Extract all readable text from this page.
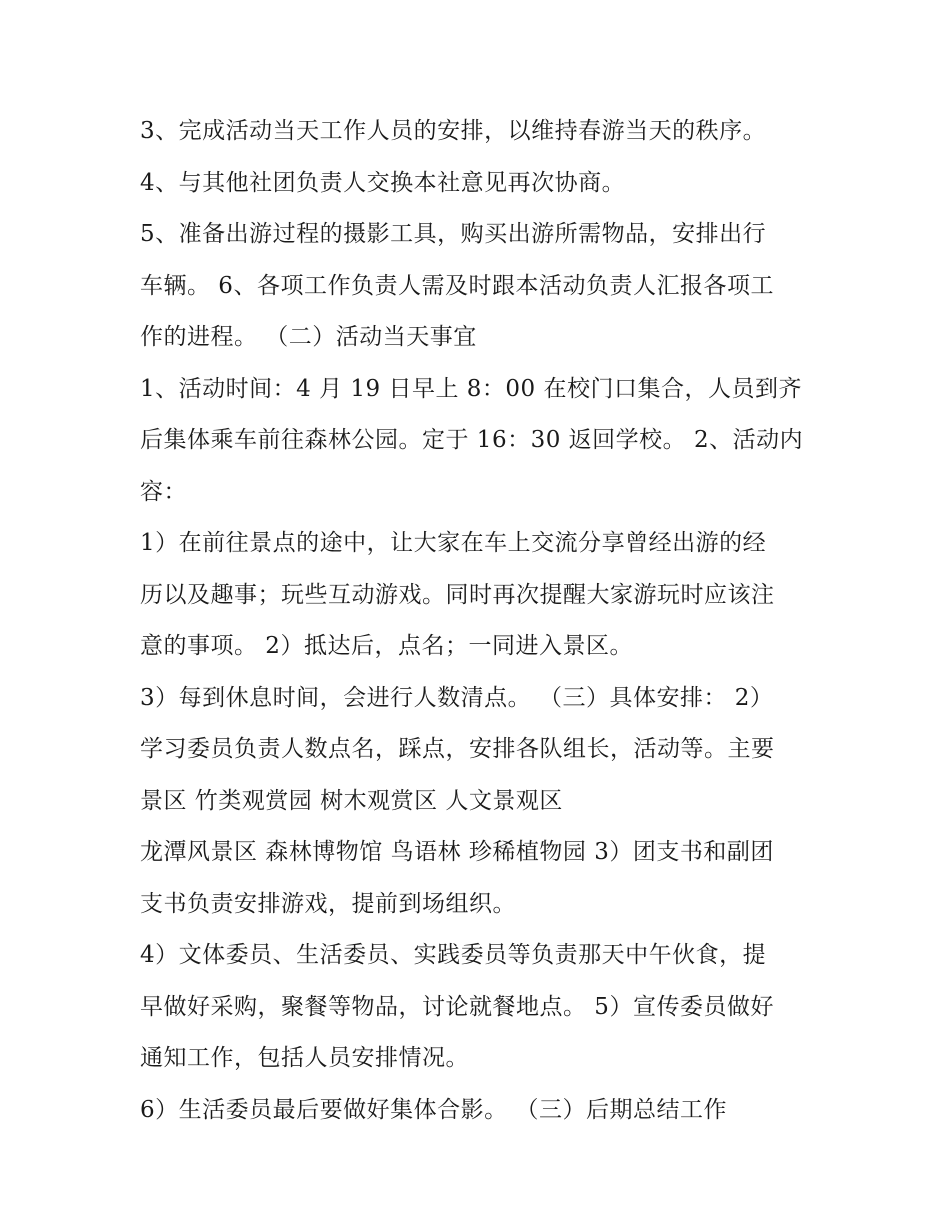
3、完成活动当天工作人员的安排，以维持春游当天的秩序。
4、与其他社团负责人交换本社意见再次协商。
5、准备出游过程的摄影工具，购买出游所需物品，安排出行
车辆。 6、各项工作负责人需及时跟本活动负责人汇报各项工
作的进程。 （二）活动当天事宜
1、活动时间：4 月 19 日早上 8：00 在校门口集合，人员到齐
后集体乘车前往森林公园。定于 16：30 返回学校。 2、活动内
容：
1）在前往景点的途中，让大家在车上交流分享曾经出游的经
历以及趣事；玩些互动游戏。同时再次提醒大家游玩时应该注
意的事项。 2）抵达后，点名；一同进入景区。
3）每到休息时间，会进行人数清点。 （三）具体安排： 2）
学习委员负责人数点名，踩点，安排各队组长，活动等。主要
景区 竹类观赏园 树木观赏区 人文景观区
龙潭风景区 森林博物馆 鸟语林 珍稀植物园 3）团支书和副团
支书负责安排游戏，提前到场组织。
4）文体委员、生活委员、实践委员等负责那天中午伙食，提
早做好采购，聚餐等物品，讨论就餐地点。 5）宣传委员做好
通知工作，包括人员安排情况。
6）生活委员最后要做好集体合影。 （三）后期总结工作
